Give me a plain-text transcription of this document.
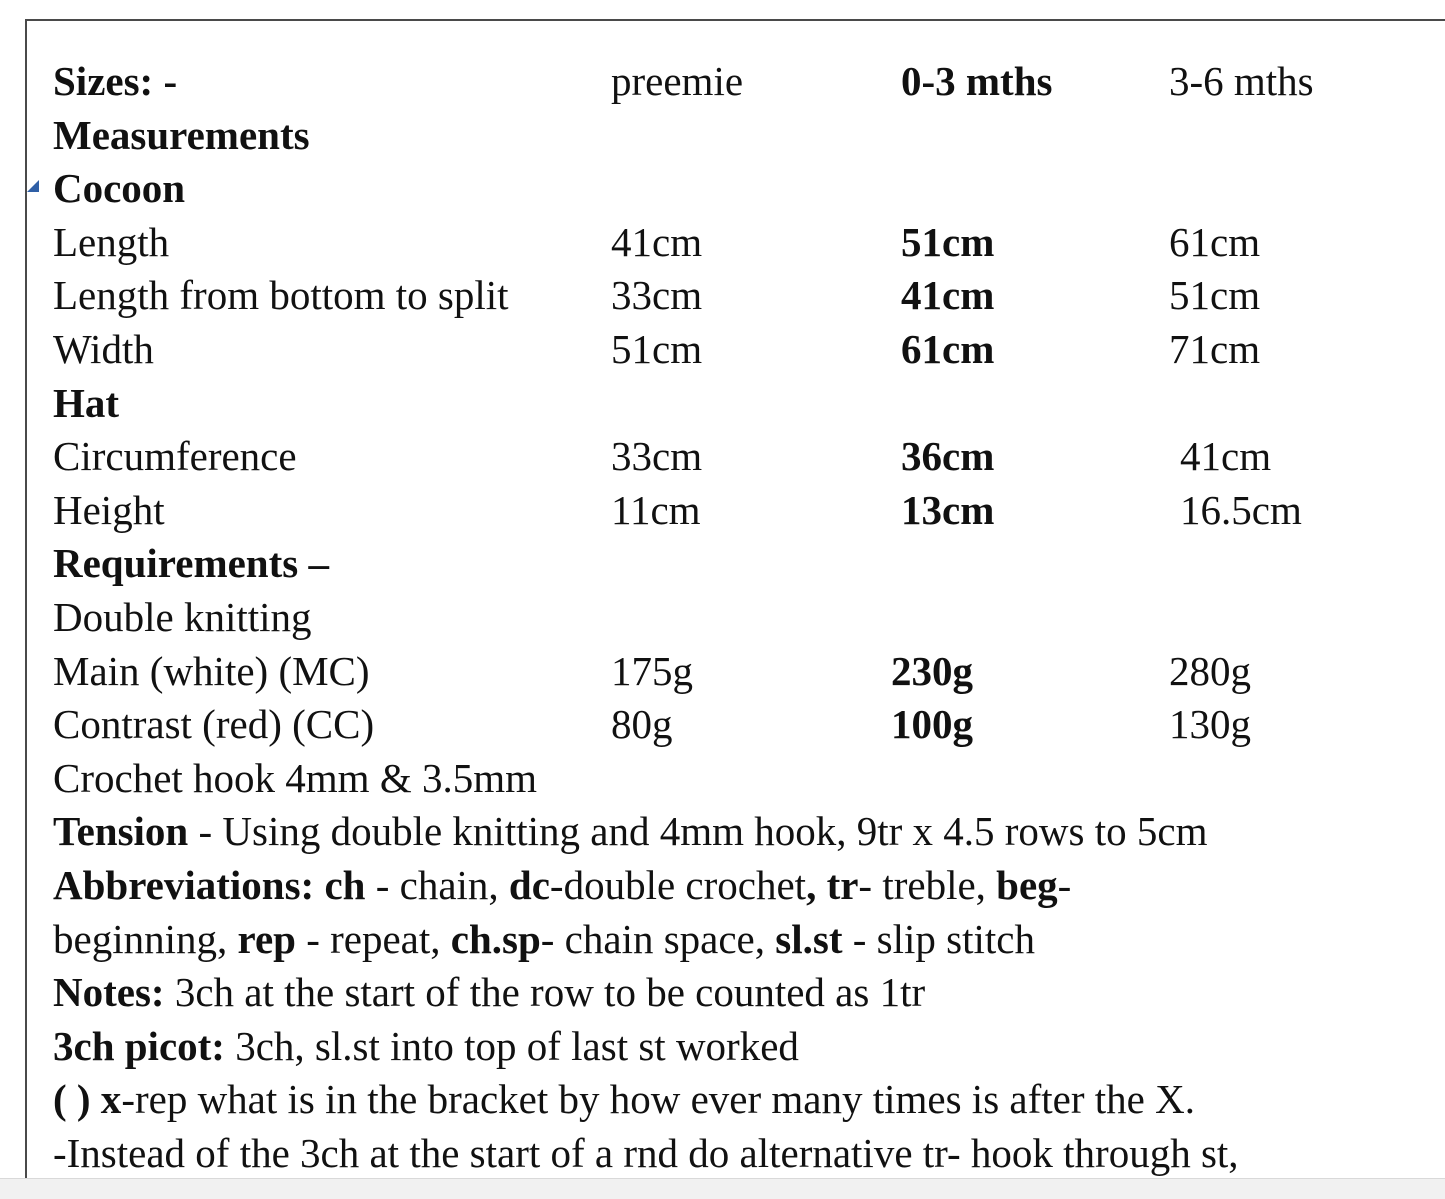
Sizes: -	preemie	0-3 mths	3-6 mths
Measurements
Cocoon
Length	41cm	51cm	61cm
Length from bottom to split 33cm	41cm	51cm
Width	51cm	61cm	71cm
Hat
Circumference	33cm	36cm	41cm
Height	11cm	13cm	16.5cm
Requirements –
Double knitting
Main (white) (MC)	175g	230g	280g
Contrast (red) (CC)	80g	100g	130g
Crochet hook 4mm & 3.5mm
Tension - Using double knitting and 4mm hook, 9tr x 4.5 rows to 5cm
Abbreviations: ch - chain, dc-double crochet, tr- treble, beg-
beginning, rep - repeat, ch.sp- chain space, sl.st - slip stitch
Notes: 3ch at the start of the row to be counted as 1tr
3ch picot: 3ch, sl.st into top of last st worked
( ) x-rep what is in the bracket by how ever many times is after the X.
-Instead of the 3ch at the start of a rnd do alternative tr- hook through st,
